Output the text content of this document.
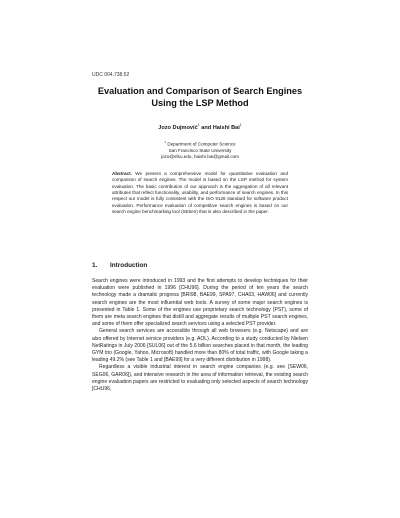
UDC 004.738.52
Evaluation and Comparison of Search Engines
Using the LSP Method
Jozo Dujmović$^1$ and Haishi Bai$^1$
$^1$ Department of Computer Science
San Francisco State University
jozo@sfsu.edu, haishi.bai@gmail.com
Abstract. We present a comprehensive model for quantitative evaluation and comparison of search engines. The model is based on the LSP method for system evaluation. The basic contribution of our approach is the aggregation of all relevant attributes that reflect functionality, usability, and performance of search engines. In this respect our model is fully consistent with the ISO 9126 standard for software product evaluation. Performance evaluation of competitive search engines is based on our search engine benchmarking tool (SEben) that is also described in the paper.
1. Introduction

Search engines were introduced in 1993 and the first attempts to develop techniques for their evaluation were published in 1996 [CHU96]. During the period of ten years the search technology made a dramatic progress [BRI98, BAE99, SPA97, CHA03, HAW06] and currently search engines are the most influential web tools. A survey of some major search engines is presented in Table 1. Some of the engines use proprietary search technology (PST), some of them are meta search engines that distill and aggregate results of multiple PST search engines, and some of them offer specialized search services using a selected PST provider.

General search services are accessible through all web browsers (e.g. Netscape) and are also offered by Internet service providers (e.g. AOL). According to a study conducted by Nielsen NetRatings in July 2006 [SUL06] out of the 5.6 billion searches placed in that month, the leading GYM trio (Google, Yahoo, Microsoft) handled more than 80% of total traffic, with Google taking a leading 49.2% (see Table 1 and [BAE99] for a very different distribution in 1998).

Regardless a visible industrial interest in search engine companies (e.g. see [SEW06, SEG06, GAR06]), and intensive research in the area of information retrieval, the existing search engine evaluation papers are restricted to evaluating only selected aspects of search technology [CHU96,
